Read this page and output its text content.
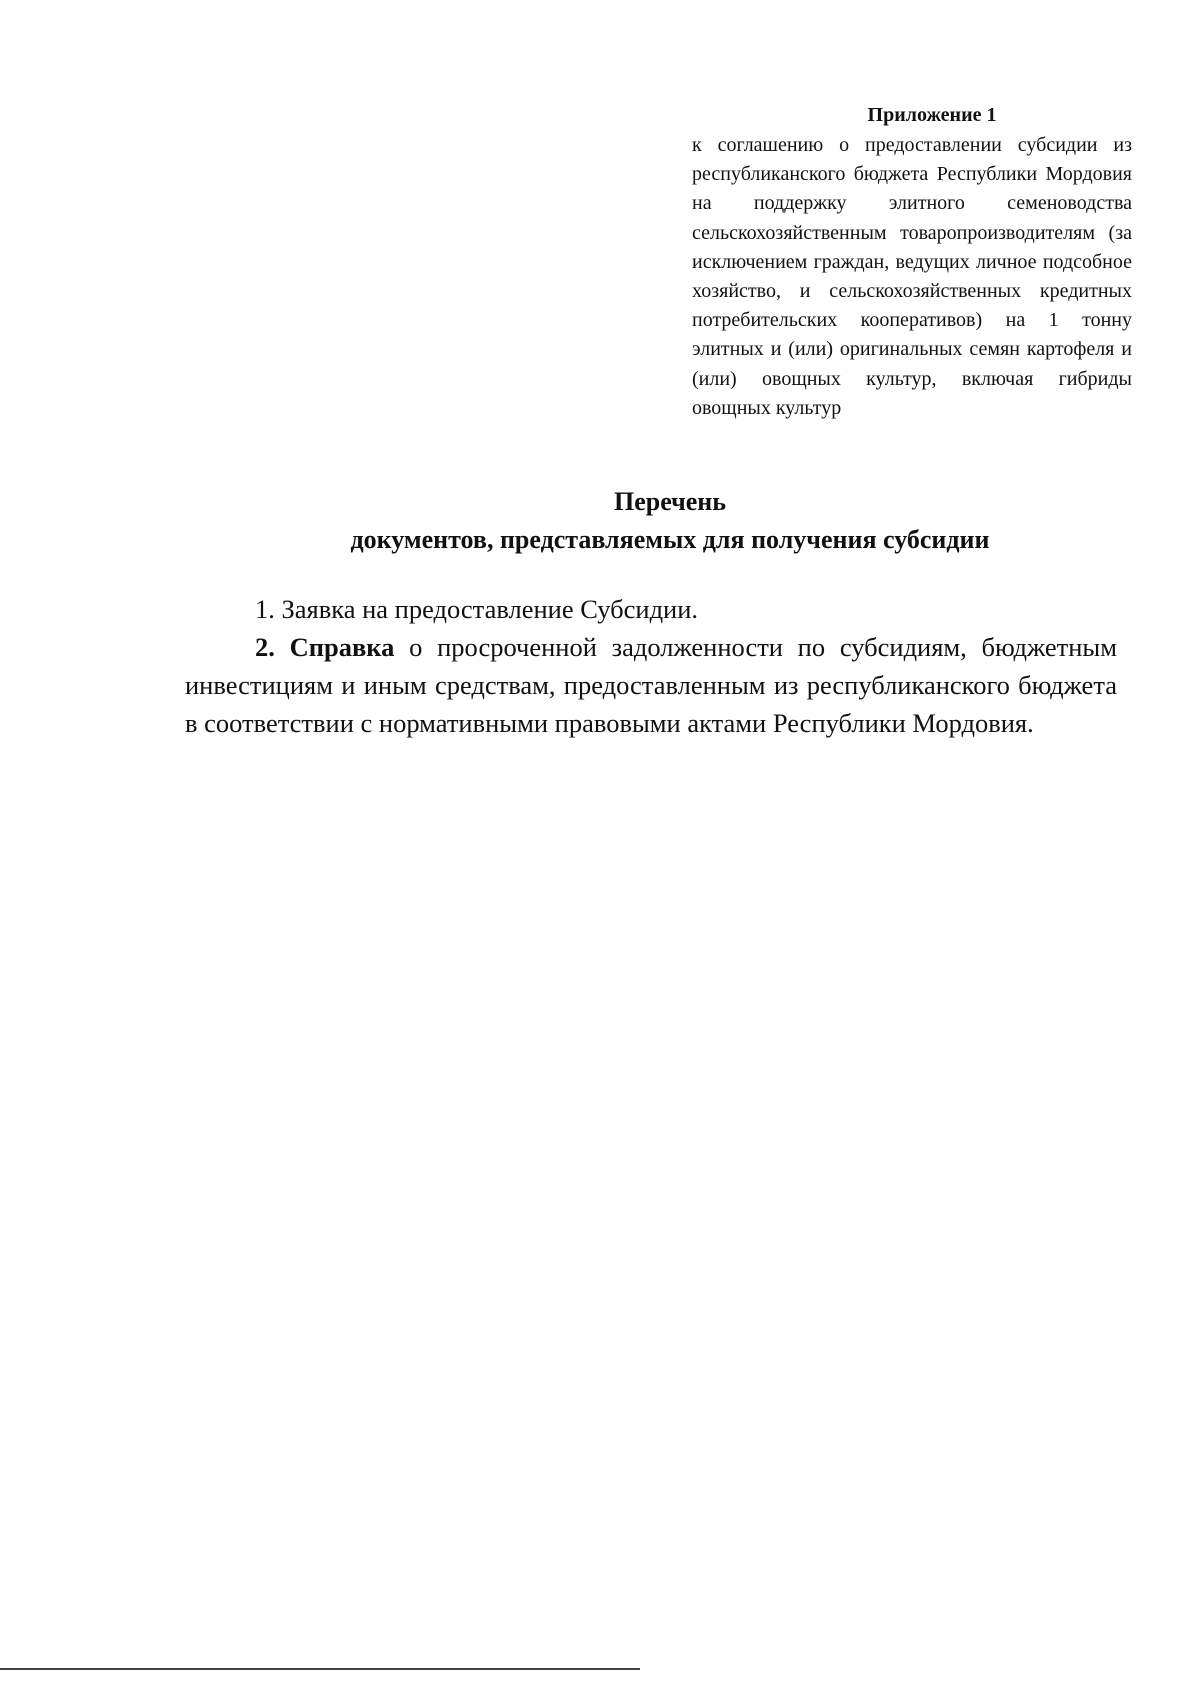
Приложение 1
к соглашению о предоставлении субсидии из республиканского бюджета Республики Мордовия на поддержку элитного семеноводства сельскохозяйственным товаропроизводителям (за исключением граждан, ведущих личное подсобное хозяйство, и сельскохозяйственных кредитных потребительских кооперативов) на 1 тонну элитных и (или) оригинальных семян картофеля и (или) овощных культур, включая гибриды овощных культур
Перечень
документов, представляемых для получения субсидии

1. Заявка на предоставление Субсидии.

2. Справка о просроченной задолженности по субсидиям, бюджетным инвестициям и иным средствам, предоставленным из республиканского бюджета в соответствии с нормативными правовыми актами Республики Мордовия.
